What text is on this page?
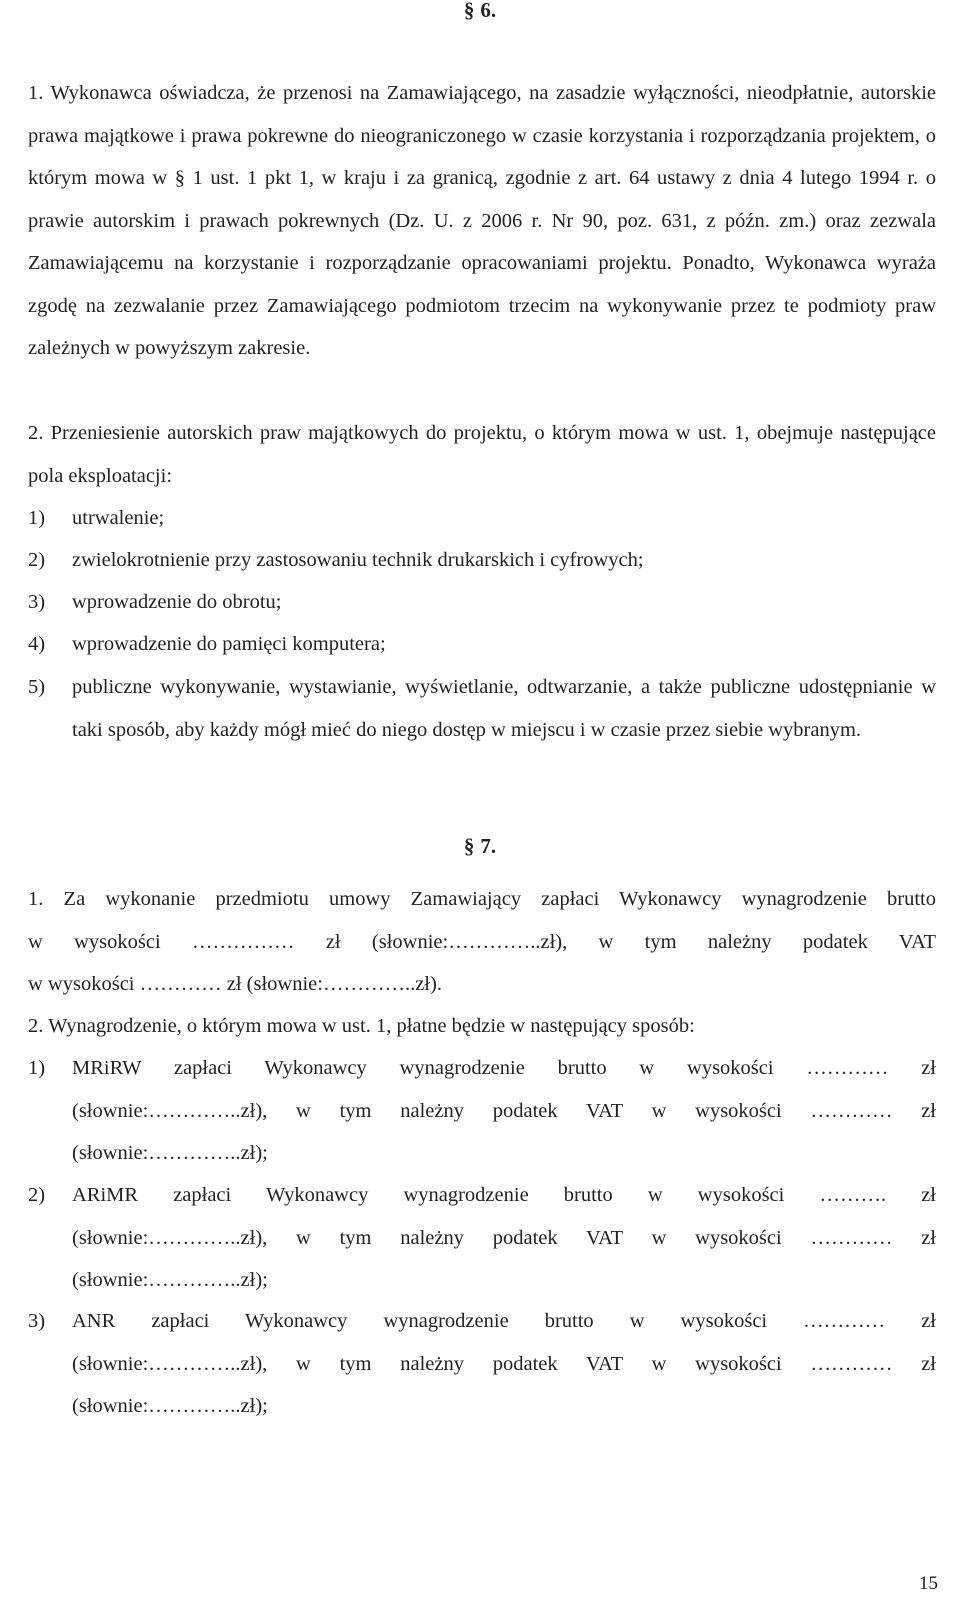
§ 6.
1. Wykonawca oświadcza, że przenosi na Zamawiającego, na zasadzie wyłączności, nieodpłatnie, autorskie prawa majątkowe i prawa pokrewne do nieograniczonego w czasie korzystania i rozporządzania projektem, o którym mowa w § 1 ust. 1 pkt 1, w kraju i za granicą, zgodnie z art. 64 ustawy z dnia 4 lutego 1994 r. o prawie autorskim i prawach pokrewnych (Dz. U. z 2006 r. Nr 90, poz. 631, z późn. zm.) oraz zezwala Zamawiającemu na korzystanie i rozporządzanie opracowaniami projektu. Ponadto, Wykonawca wyraża zgodę na zezwalanie przez Zamawiającego podmiotom trzecim na wykonywanie przez te podmioty praw zależnych w powyższym zakresie.
2. Przeniesienie autorskich praw majątkowych do projektu, o którym mowa w ust. 1, obejmuje następujące pola eksploatacji:
1) utrwalenie;
2) zwielokrotnienie przy zastosowaniu technik drukarskich i cyfrowych;
3) wprowadzenie do obrotu;
4) wprowadzenie do pamięci komputera;
5) publiczne wykonywanie, wystawianie, wyświetlanie, odtwarzanie, a także publiczne udostępnianie w taki sposób, aby każdy mógł mieć do niego dostęp w miejscu i w czasie przez siebie wybranym.
§ 7.
1. Za wykonanie przedmiotu umowy Zamawiający zapłaci Wykonawcy wynagrodzenie brutto
w wysokości …………… zł (słownie:…………..zł), w tym należny podatek VAT
w wysokości ………… zł (słownie:…………..zł).
2. Wynagrodzenie, o którym mowa w ust. 1, płatne będzie w następujący sposób:
1) MRiRW zapłaci Wykonawcy wynagrodzenie brutto w wysokości ………… zł
(słownie:…………..zł), w tym należny podatek VAT w wysokości ………… zł
(słownie:…………..zł);
2) ARiMR zapłaci Wykonawcy wynagrodzenie brutto w wysokości ………. zł
(słownie:…………..zł), w tym należny podatek VAT w wysokości ………… zł
(słownie:…………..zł);
3) ANR zapłaci Wykonawcy wynagrodzenie brutto w wysokości ………… zł
(słownie:…………..zł), w tym należny podatek VAT w wysokości ………… zł
(słownie:…………..zł);
15
